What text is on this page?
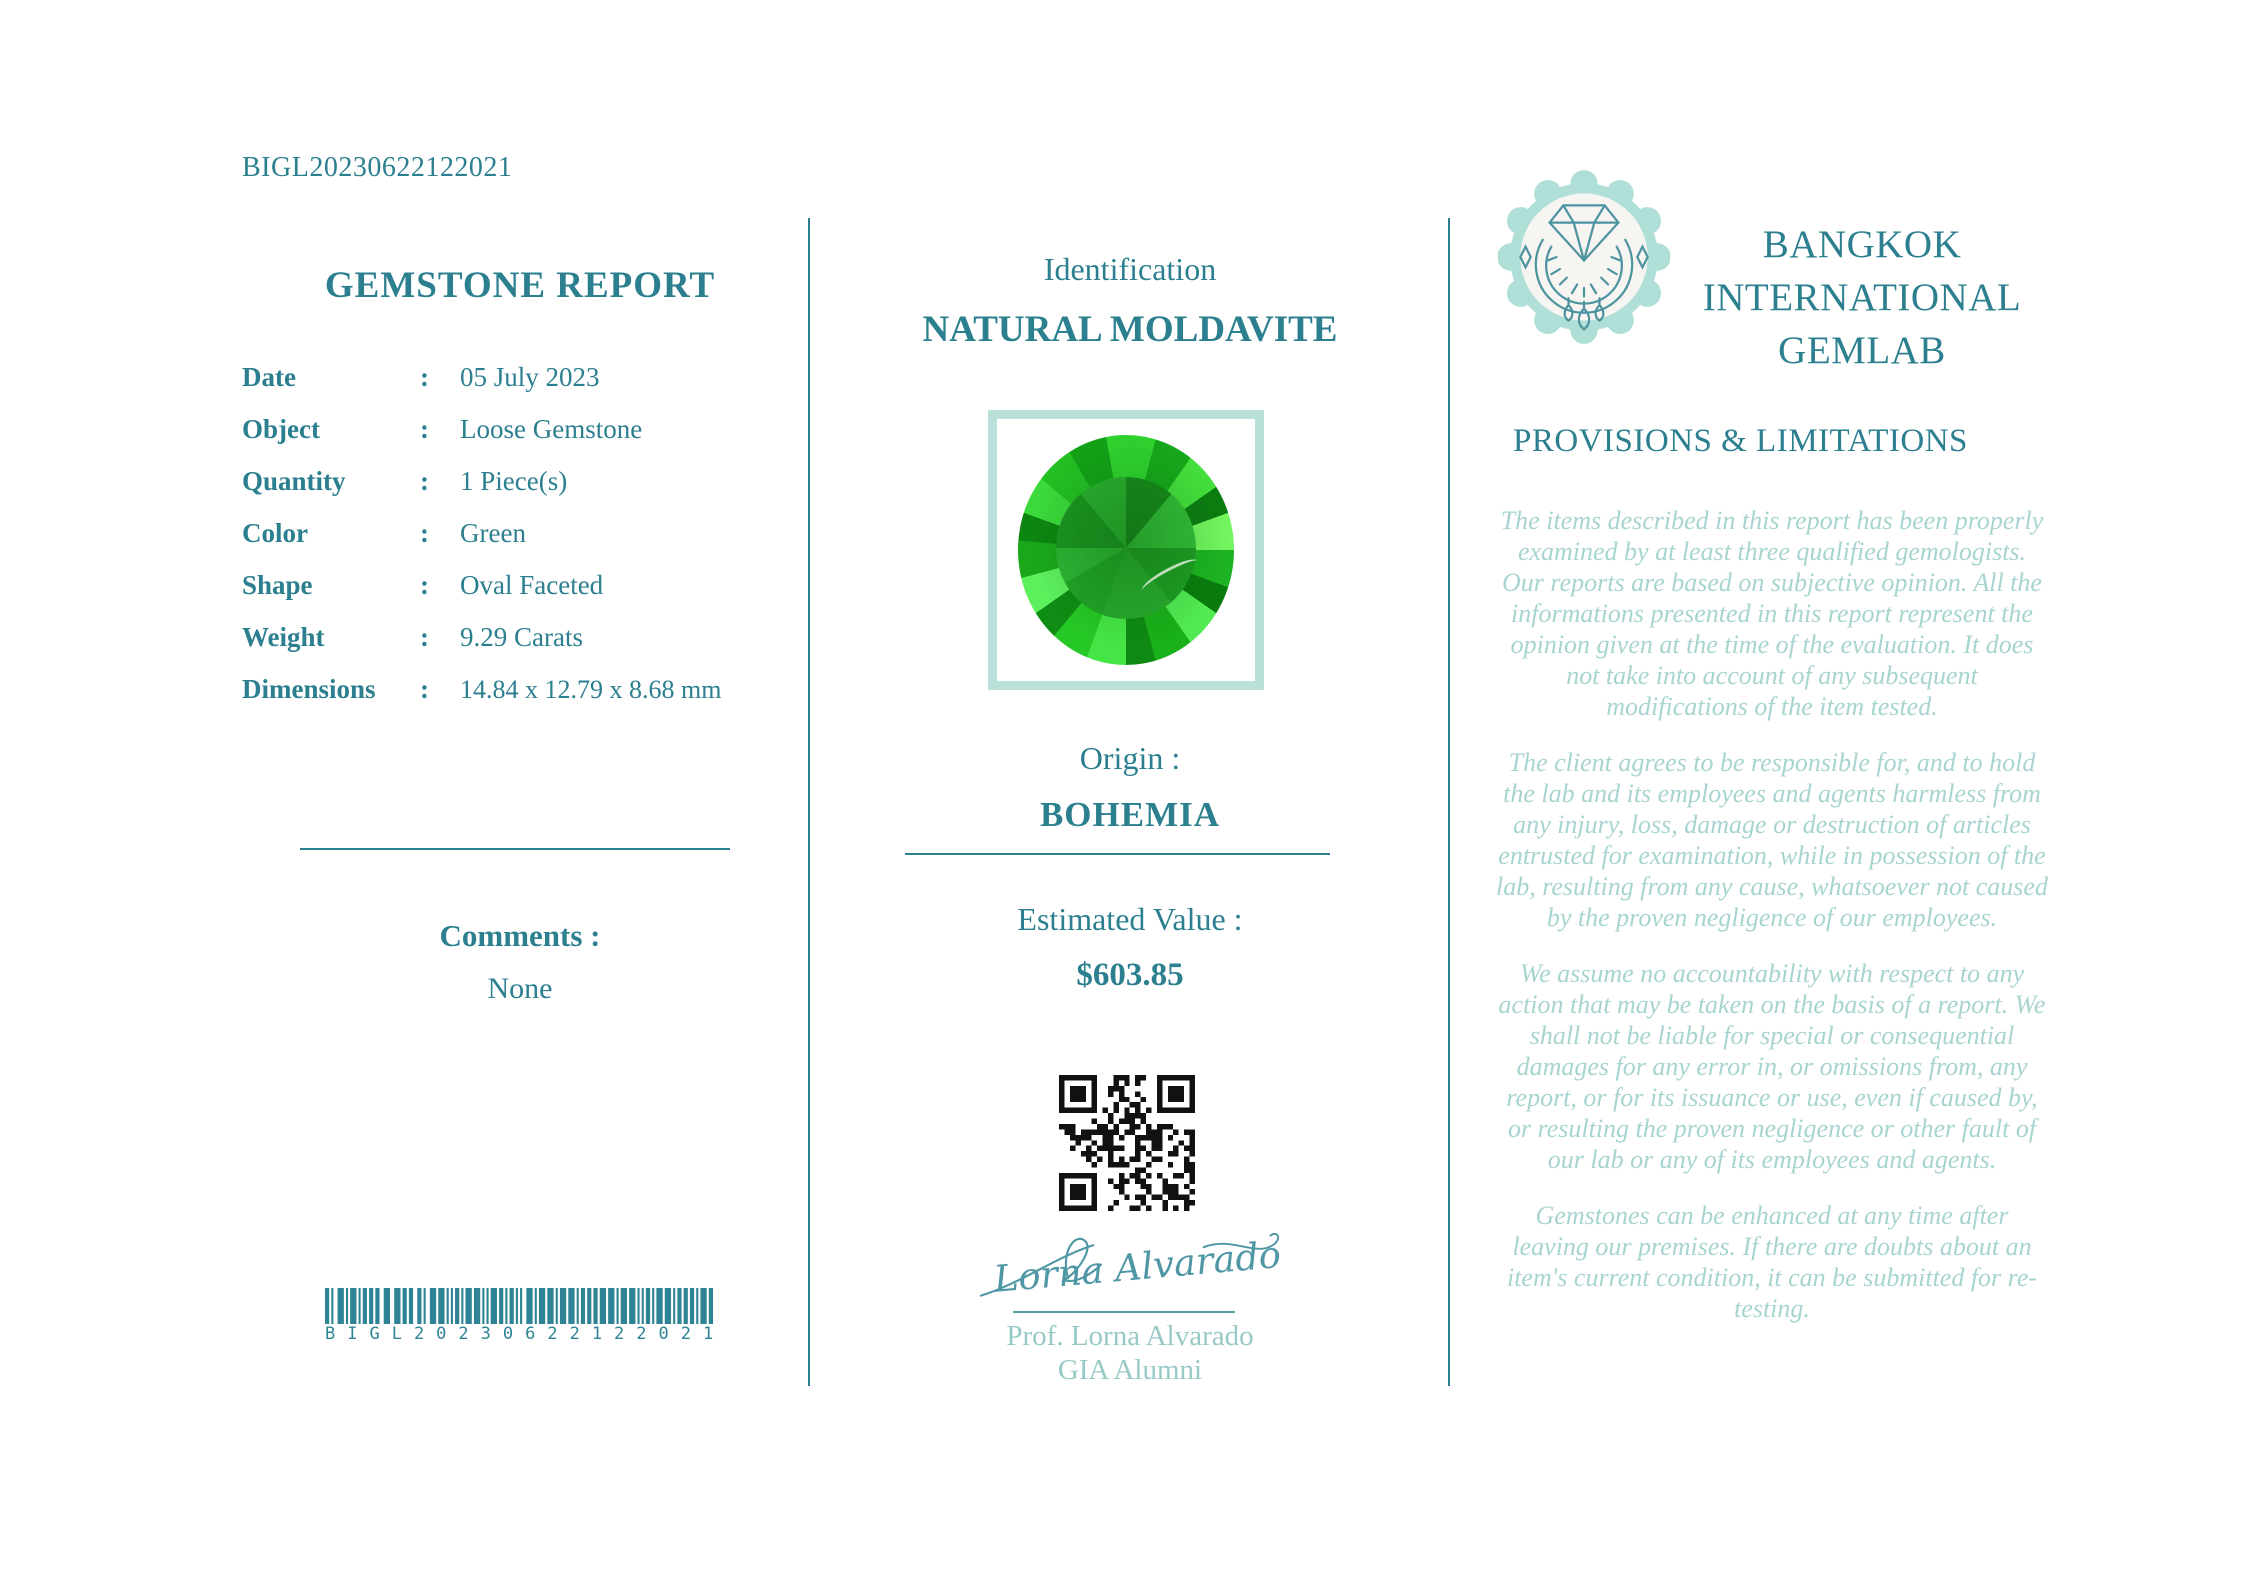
BIGL20230622122021
GEMSTONE REPORT
Date	:	05 July 2023
Object	:	Loose Gemstone
Quantity	:	1 Piece(s)
Color	:	Green
Shape	:	Oval Faceted
Weight	:	9.29 Carats
Dimensions	:	14.84 x 12.79 x 8.68 mm
Comments :
None
BIGL20230622122021
Identification
NATURAL MOLDAVITE
Origin :
BOHEMIA
Estimated Value :
$603.85
Lorna Alvarado
Prof. Lorna Alvarado
GIA Alumni
BANGKOK
INTERNATIONAL
GEMLAB
PROVISIONS & LIMITATIONS

The items described in this report has been properly examined by at least three qualified gemologists. Our reports are based on subjective opinion. All the informations presented in this report represent the opinion given at the time of the evaluation. It does not take into account of any subsequent modifications of the item tested.

The client agrees to be responsible for, and to hold the lab and its employees and agents harmless from any injury, loss, damage or destruction of articles entrusted for examination, while in possession of the lab, resulting from any cause, whatsoever not caused by the proven negligence of our employees.

We assume no accountability with respect to any action that may be taken on the basis of a report. We shall not be liable for special or consequential damages for any error in, or omissions from, any report, or for its issuance or use, even if caused by, or resulting the proven negligence or other fault of our lab or any of its employees and agents.

Gemstones can be enhanced at any time after leaving our premises. If there are doubts about an item's current condition, it can be submitted for re-testing.
